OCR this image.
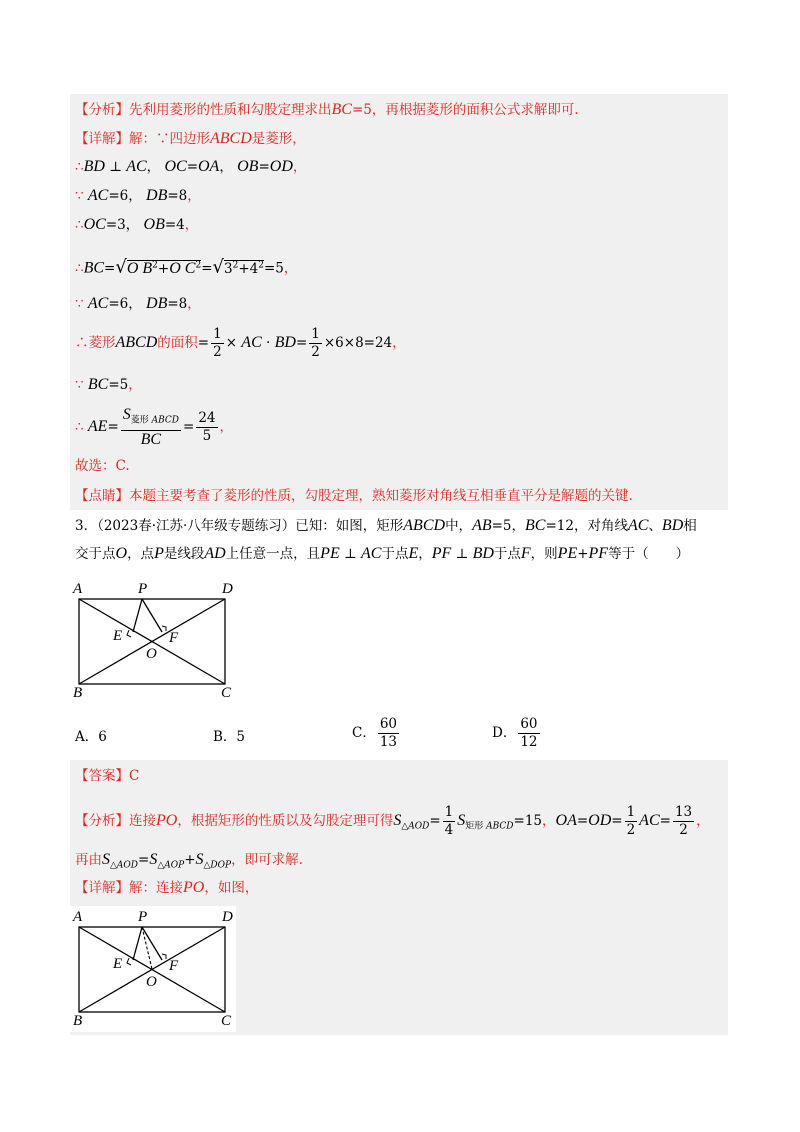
【分析】先利用菱形的性质和勾股定理求出BC=5，再根据菱形的面积公式求解即可.
【详解】解：∵四边形ABCD是菱形，
∴BD ⊥ AC， OC=OA， OB=OD，
∵ AC=6， DB=8，
∴OC=3， OB=4，
∴BC=√O $B^2+O$ $C^2=√3^2+4^2=5$，
∵ AC=6， DB=8，
∴菱形ABCD的面积= $\frac{1}{2}$ × AC · $BD= \frac{1}{2} \times 6\times 8=24$，
∵ BC=5，
∴ $AE= \frac{S_{菱形 ABCD}}{BC} = \frac{24}{5}$ ，
故选：C.
【点睛】本题主要考查了菱形的性质，勾股定理，熟知菱形对角线互相垂直平分是解题的关键.
3．（2023春·江苏·八年级专题练习）已知：如图，矩形ABCD中，AB=5，BC=12，对角线AC、BD相
交于点O，点P是线段AD上任意一点，且PE ⊥ AC于点E，PF ⊥ BD于点F，则PE+PF等于（　　）
A	P	D
E	F
O
B	C
A．6	B．5	C． $\frac{60}{13}$	D． $\frac{60}{12}$
【答案】C
【分析】连接PO，根据矩形的性质以及勾股定理可得$S_{\triangle AOD}= \frac{1}{4} S_{矩形 ABCD}=15$，$OA=OD= \frac{1}{2} AC= \frac{13}{2}$ ，
再由$S_{\triangle AOD}=S_{\triangle AOP}+S_{\triangle DOP}$，即可求解.
【详解】解：连接PO，如图，
A	P	D
E	F
O
B	C
